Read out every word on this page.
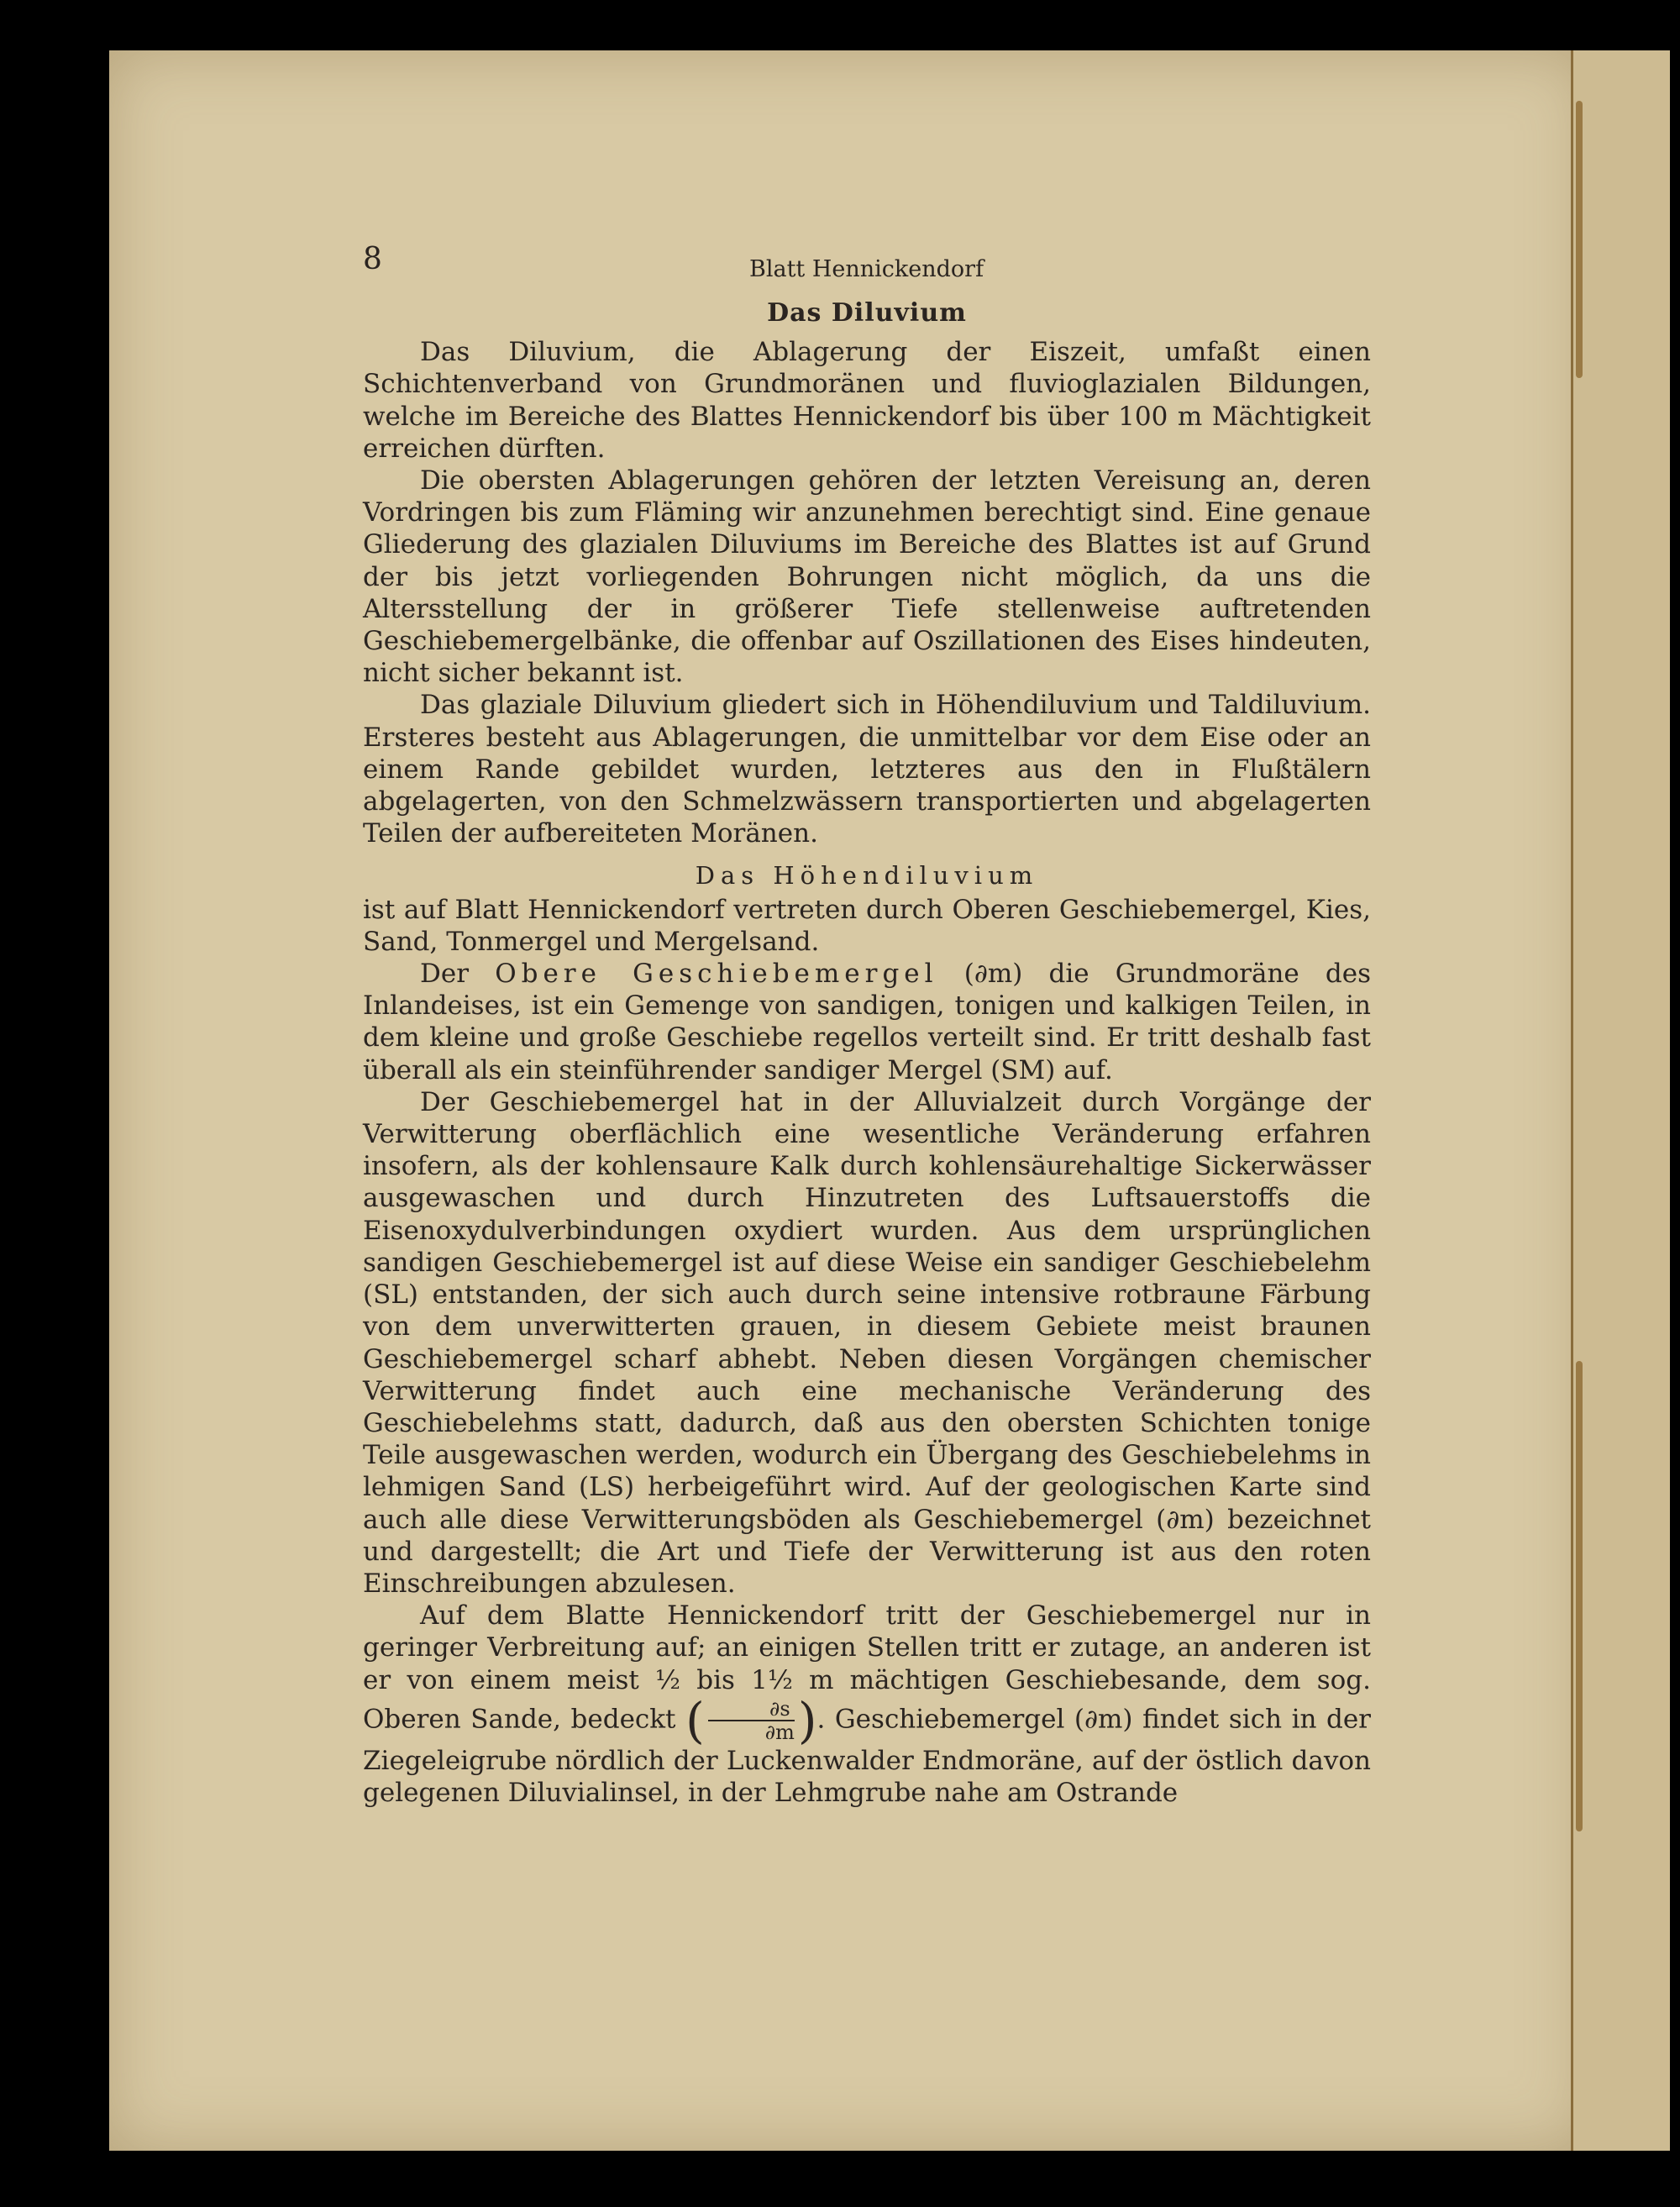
8	Blatt Hennickendorf
Das Diluvium

Das Diluvium, die Ablagerung der Eiszeit, umfaßt einen Schichtenverband von Grundmoränen und fluvioglazialen Bildungen, welche im Bereiche des Blattes Hennickendorf bis über 100 m Mächtigkeit erreichen dürften.

Die obersten Ablagerungen gehören der letzten Vereisung an, deren Vordringen bis zum Fläming wir anzunehmen berechtigt sind. Eine genaue Gliederung des glazialen Diluviums im Bereiche des Blattes ist auf Grund der bis jetzt vorliegenden Bohrungen nicht möglich, da uns die Altersstellung der in größerer Tiefe stellenweise auftretenden Geschiebemergelbänke, die offenbar auf Oszillationen des Eises hindeuten, nicht sicher bekannt ist.

Das glaziale Diluvium gliedert sich in Höhendiluvium und Taldiluvium. Ersteres besteht aus Ablagerungen, die unmittelbar vor dem Eise oder an einem Rande gebildet wurden, letzteres aus den in Flußtälern abgelagerten, von den Schmelzwässern transportierten und abgelagerten Teilen der aufbereiteten Moränen.

Das Höhendiluvium

ist auf Blatt Hennickendorf vertreten durch Oberen Geschiebemergel, Kies, Sand, Tonmergel und Mergelsand.

Der Obere Geschiebemergel (∂m) die Grundmoräne des Inlandeises, ist ein Gemenge von sandigen, tonigen und kalkigen Teilen, in dem kleine und große Geschiebe regellos verteilt sind. Er tritt deshalb fast überall als ein steinführender sandiger Mergel (SM) auf.

Der Geschiebemergel hat in der Alluvialzeit durch Vorgänge der Verwitterung oberflächlich eine wesentliche Veränderung erfahren insofern, als der kohlensaure Kalk durch kohlensäurehaltige Sickerwässer ausgewaschen und durch Hinzutreten des Luftsauerstoffs die Eisenoxydulverbindungen oxydiert wurden. Aus dem ursprünglichen sandigen Geschiebemergel ist auf diese Weise ein sandiger Geschiebelehm (SL) entstanden, der sich auch durch seine intensive rotbraune Färbung von dem unverwitterten grauen, in diesem Gebiete meist braunen Geschiebemergel scharf abhebt. Neben diesen Vorgängen chemischer Verwitterung findet auch eine mechanische Veränderung des Geschiebelehms statt, dadurch, daß aus den obersten Schichten tonige Teile ausgewaschen werden, wodurch ein Übergang des Geschiebelehms in lehmigen Sand (LS) herbeigeführt wird. Auf der geologischen Karte sind auch alle diese Verwitterungsböden als Geschiebemergel (∂m) bezeichnet und dargestellt; die Art und Tiefe der Verwitterung ist aus den roten Einschreibungen abzulesen.

Auf dem Blatte Hennickendorf tritt der Geschiebemergel nur in geringer Verbreitung auf; an einigen Stellen tritt er zutage, an anderen ist er von einem meist ½ bis 1½ m mächtigen Geschiebesande, dem sog. Oberen Sande, bedeckt ( $\frac{\partial s}{\partial m}$ ). Geschiebemergel (∂m) findet sich in der Ziegeleigrube nördlich der Luckenwalder Endmoräne, auf der östlich davon gelegenen Diluvialinsel, in der Lehmgrube nahe am Ostrande
